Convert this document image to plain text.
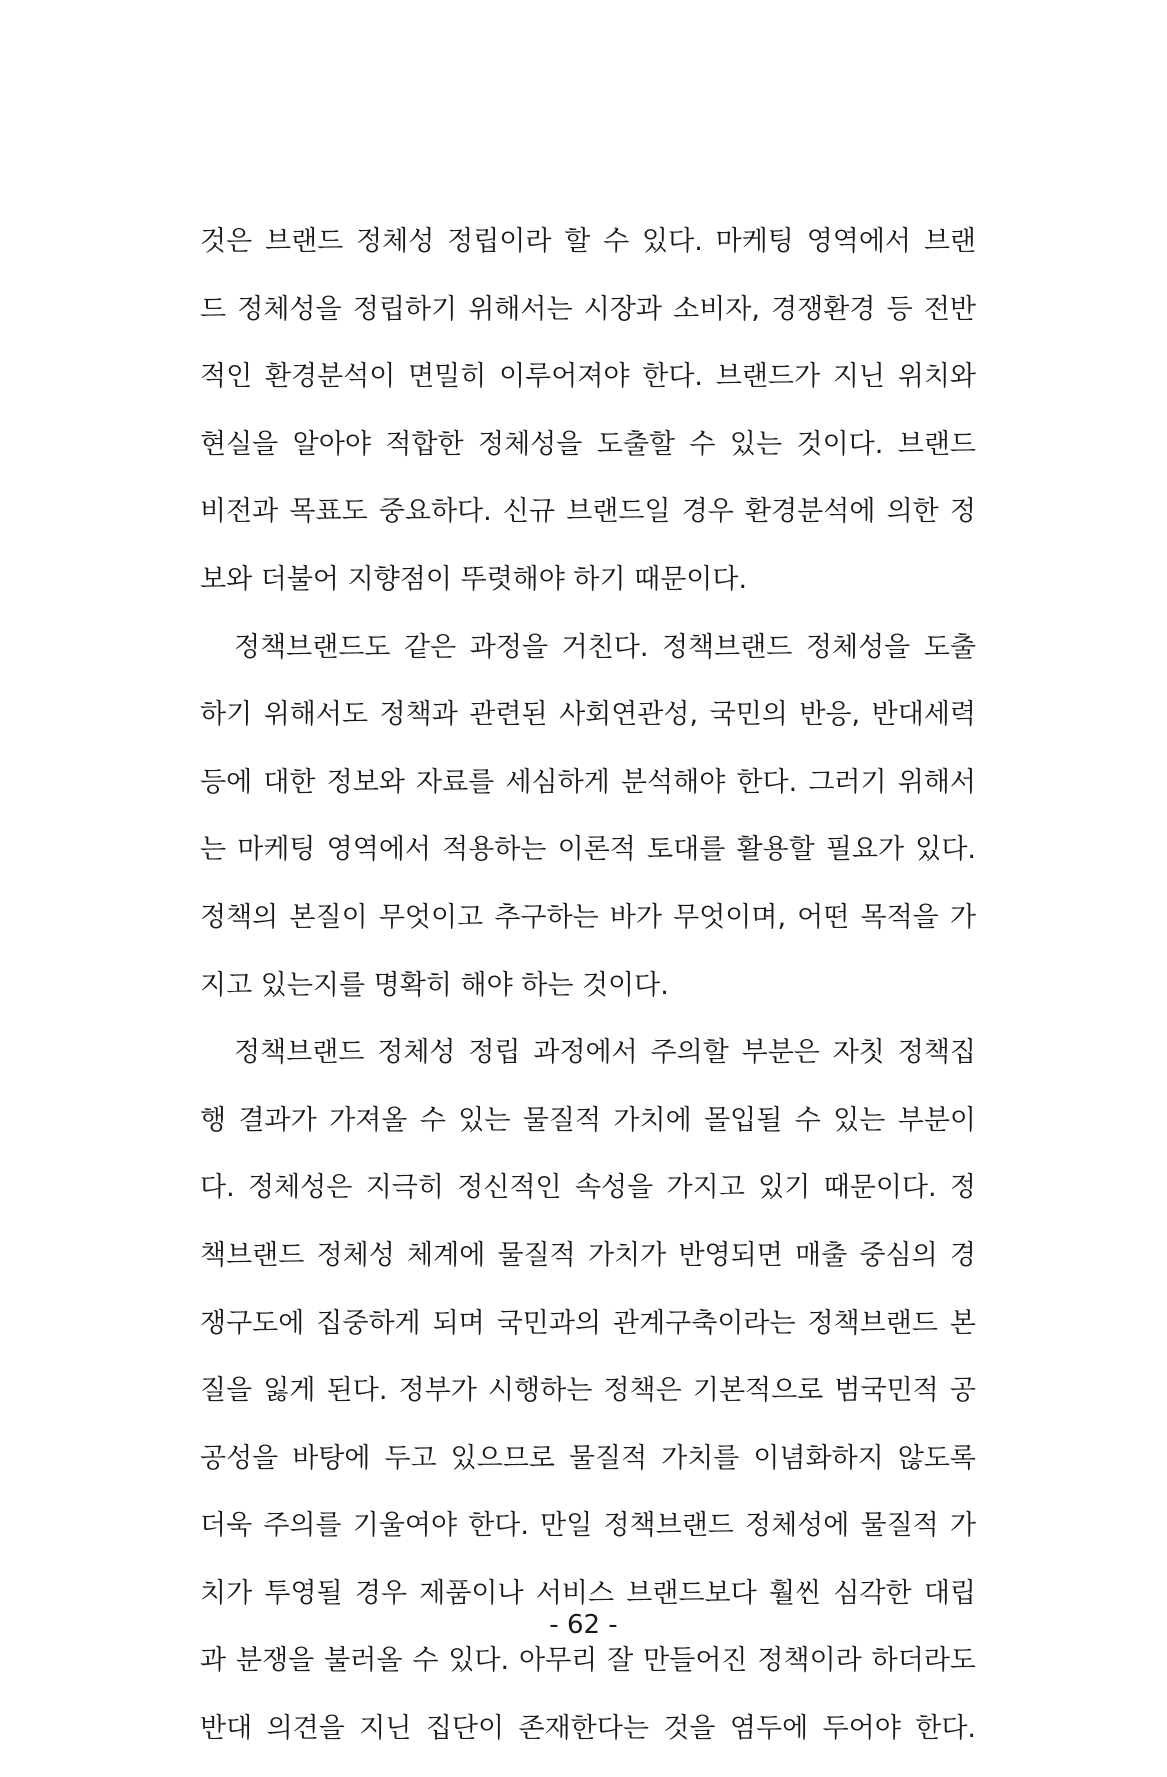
것은 브랜드 정체성 정립이라 할 수 있다. 마케팅 영역에서 브랜
드 정체성을 정립하기 위해서는 시장과 소비자, 경쟁환경 등 전반
적인 환경분석이 면밀히 이루어져야 한다. 브랜드가 지닌 위치와
현실을 알아야 적합한 정체성을 도출할 수 있는 것이다. 브랜드
비전과 목표도 중요하다. 신규 브랜드일 경우 환경분석에 의한 정
보와 더불어 지향점이 뚜렷해야 하기 때문이다.
정책브랜드도 같은 과정을 거친다. 정책브랜드 정체성을 도출
하기 위해서도 정책과 관련된 사회연관성, 국민의 반응, 반대세력
등에 대한 정보와 자료를 세심하게 분석해야 한다. 그러기 위해서
는 마케팅 영역에서 적용하는 이론적 토대를 활용할 필요가 있다.
정책의 본질이 무엇이고 추구하는 바가 무엇이며, 어떤 목적을 가
지고 있는지를 명확히 해야 하는 것이다.
정책브랜드 정체성 정립 과정에서 주의할 부분은 자칫 정책집
행 결과가 가져올 수 있는 물질적 가치에 몰입될 수 있는 부분이
다. 정체성은 지극히 정신적인 속성을 가지고 있기 때문이다. 정
책브랜드 정체성 체계에 물질적 가치가 반영되면 매출 중심의 경
쟁구도에 집중하게 되며 국민과의 관계구축이라는 정책브랜드 본
질을 잃게 된다. 정부가 시행하는 정책은 기본적으로 범국민적 공
공성을 바탕에 두고 있으므로 물질적 가치를 이념화하지 않도록
더욱 주의를 기울여야 한다. 만일 정책브랜드 정체성에 물질적 가
치가 투영될 경우 제품이나 서비스 브랜드보다 훨씬 심각한 대립
과 분쟁을 불러올 수 있다. 아무리 잘 만들어진 정책이라 하더라도
반대 의견을 지닌 집단이 존재한다는 것을 염두에 두어야 한다.
- 62 -
